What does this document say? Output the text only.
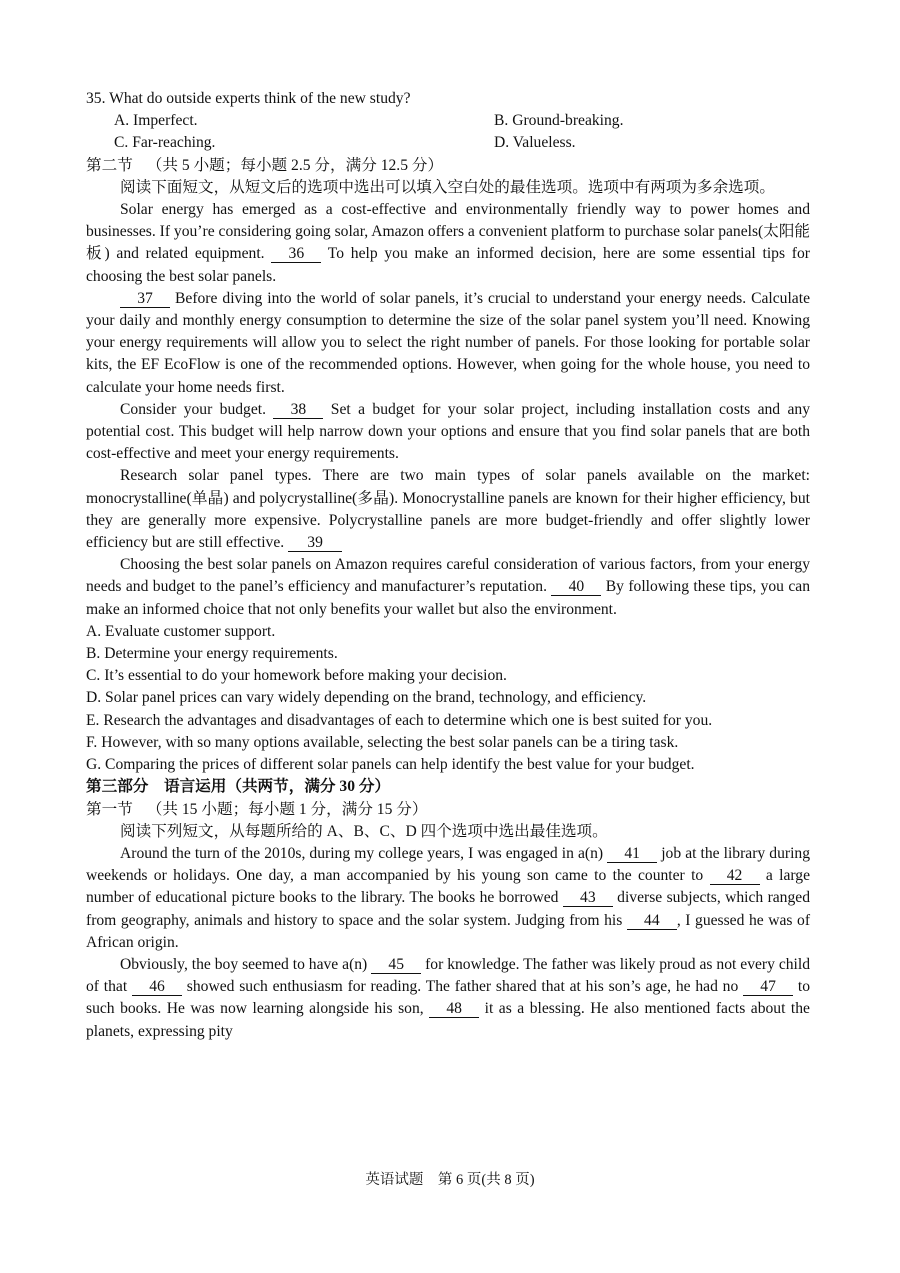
35. What do outside experts think of the new study?

A. Imperfect.	B. Ground-breaking.
C. Far-reaching.	D. Valueless.

第二节 （共 5 小题；每小题 2.5 分，满分 12.5 分）

阅读下面短文，从短文后的选项中选出可以填入空白处的最佳选项。选项中有两项为多余选项。

Solar energy has emerged as a cost-effective and environmentally friendly way to power homes and businesses. If you’re considering going solar, Amazon offers a convenient platform to purchase solar panels(太阳能板) and related equipment. 36 To help you make an informed decision, here are some essential tips for choosing the best solar panels.

37 Before diving into the world of solar panels, it’s crucial to understand your energy needs. Calculate your daily and monthly energy consumption to determine the size of the solar panel system you’ll need. Knowing your energy requirements will allow you to select the right number of panels. For those looking for portable solar kits, the EF EcoFlow is one of the recommended options. However, when going for the whole house, you need to calculate your home needs first.

Consider your budget. 38 Set a budget for your solar project, including installation costs and any potential cost. This budget will help narrow down your options and ensure that you find solar panels that are both cost-effective and meet your energy requirements.

Research solar panel types. There are two main types of solar panels available on the market: monocrystalline(单晶) and polycrystalline(多晶). Monocrystalline panels are known for their higher efficiency, but they are generally more expensive. Polycrystalline panels are more budget-friendly and offer slightly lower efficiency but are still effective. 39

Choosing the best solar panels on Amazon requires careful consideration of various factors, from your energy needs and budget to the panel’s efficiency and manufacturer’s reputation. 40 By following these tips, you can make an informed choice that not only benefits your wallet but also the environment.

A. Evaluate customer support.

B. Determine your energy requirements.

C. It’s essential to do your homework before making your decision.

D. Solar panel prices can vary widely depending on the brand, technology, and efficiency.

E. Research the advantages and disadvantages of each to determine which one is best suited for you.

F. However, with so many options available, selecting the best solar panels can be a tiring task.

G. Comparing the prices of different solar panels can help identify the best value for your budget.

第三部分　语言运用（共两节，满分 30 分）

第一节 （共 15 小题；每小题 1 分，满分 15 分）

阅读下列短文，从每题所给的 A、B、C、D 四个选项中选出最佳选项。

Around the turn of the 2010s, during my college years, I was engaged in a(n) 41 job at the library during weekends or holidays. One day, a man accompanied by his young son came to the counter to 42 a large number of educational picture books to the library. The books he borrowed 43 diverse subjects, which ranged from geography, animals and history to space and the solar system. Judging from his 44 , I guessed he was of African origin.

Obviously, the boy seemed to have a(n) 45 for knowledge. The father was likely proud as not every child of that 46 showed such enthusiasm for reading. The father shared that at his son’s age, he had no 47 to such books. He was now learning alongside his son, 48 it as a blessing. He also mentioned facts about the planets, expressing pity

英语试题　第 6 页(共 8 页)
